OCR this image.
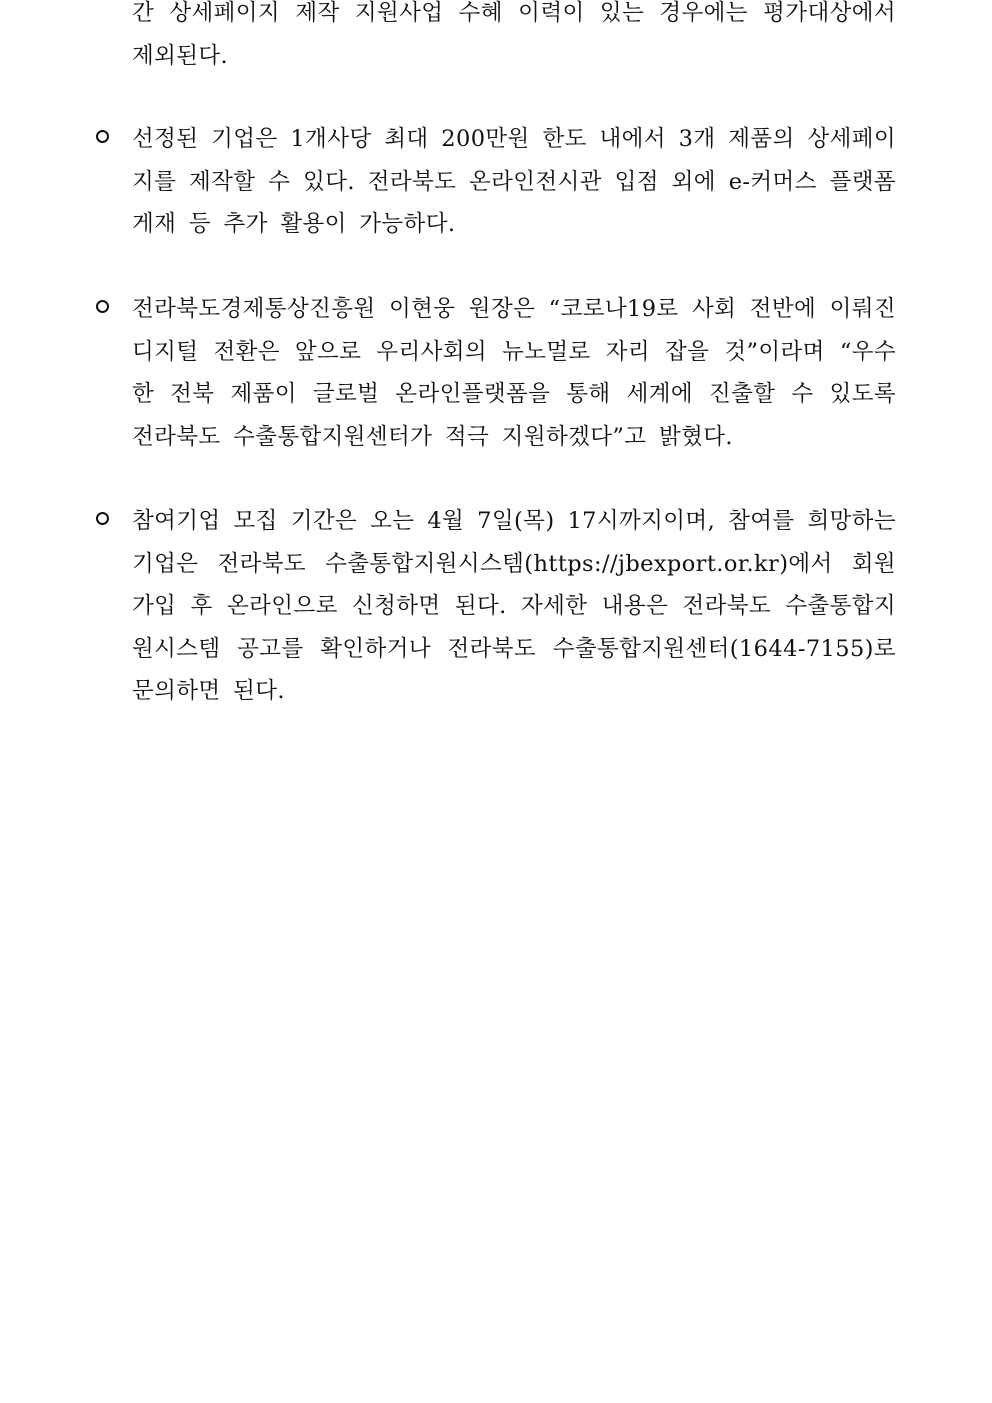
간 상세페이지 제작 지원사업 수혜 이력이 있는 경우에는 평가대상에서 제외된다.
선정된 기업은 1개사당 최대 200만원 한도 내에서 3개 제품의 상세페이지를 제작할 수 있다. 전라북도 온라인전시관 입점 외에 e-커머스 플랫폼 게재 등 추가 활용이 가능하다.
전라북도경제통상진흥원 이현웅 원장은 “코로나19로 사회 전반에 이뤄진 디지털 전환은 앞으로 우리사회의 뉴노멀로 자리 잡을 것”이라며 “우수한 전북 제품이 글로벌 온라인플랫폼을 통해 세계에 진출할 수 있도록 전라북도 수출통합지원센터가 적극 지원하겠다”고 밝혔다.
참여기업 모집 기간은 오는 4월 7일(목) 17시까지이며, 참여를 희망하는 기업은 전라북도 수출통합지원시스템(https://jbexport.or.kr)에서 회원가입 후 온라인으로 신청하면 된다. 자세한 내용은 전라북도 수출통합지원시스템 공고를 확인하거나 전라북도 수출통합지원센터(1644-7155)로 문의하면 된다.
